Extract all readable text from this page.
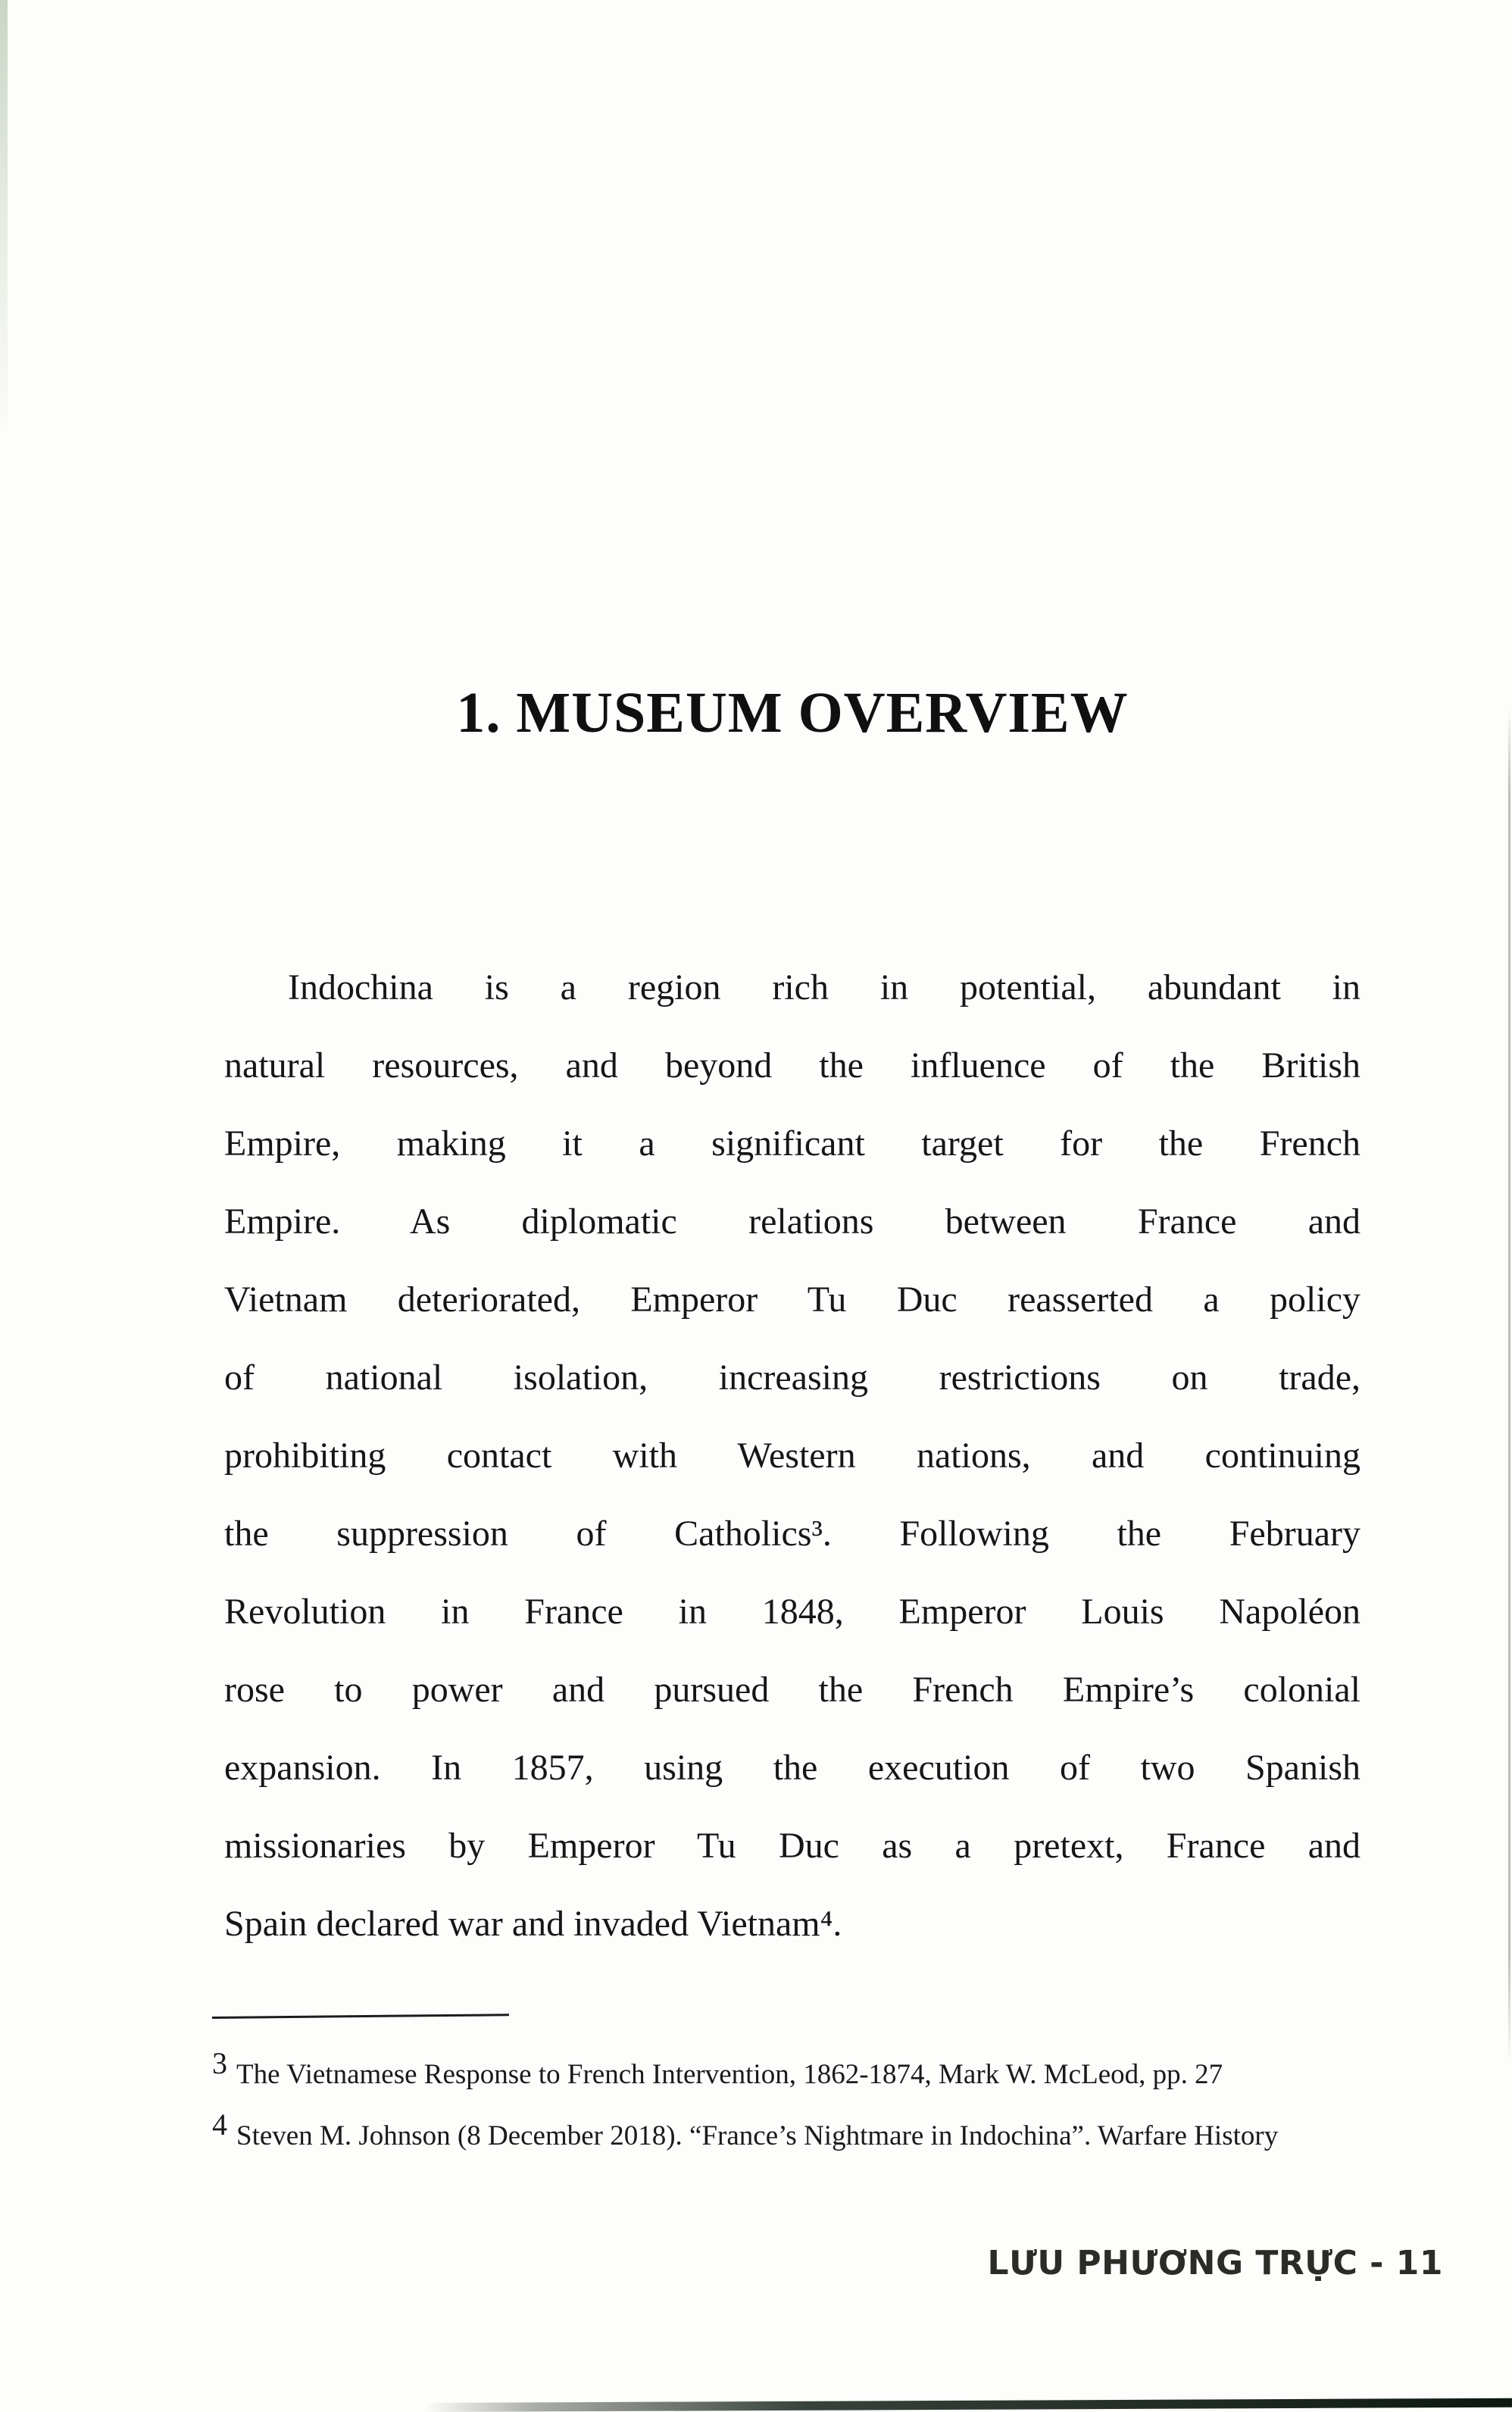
1. MUSEUM OVERVIEW
Indochina is a region rich in potential, abundant in
natural resources, and beyond the influence of the British
Empire, making it a significant target for the French
Empire. As diplomatic relations between France and
Vietnam deteriorated, Emperor Tu Duc reasserted a policy
of national isolation, increasing restrictions on trade,
prohibiting contact with Western nations, and continuing
the suppression of Catholics³. Following the February
Revolution in France in 1848, Emperor Louis Napoléon
rose to power and pursued the French Empire’s colonial
expansion. In 1857, using the execution of two Spanish
missionaries by Emperor Tu Duc as a pretext, France and
Spain declared war and invaded Vietnam⁴.
3 The Vietnamese Response to French Intervention, 1862-1874, Mark W. McLeod, pp. 27
4 Steven M. Johnson (8 December 2018). “France’s Nightmare in Indochina”. Warfare History
LƯU PHƯƠNG TRỰC - 11
